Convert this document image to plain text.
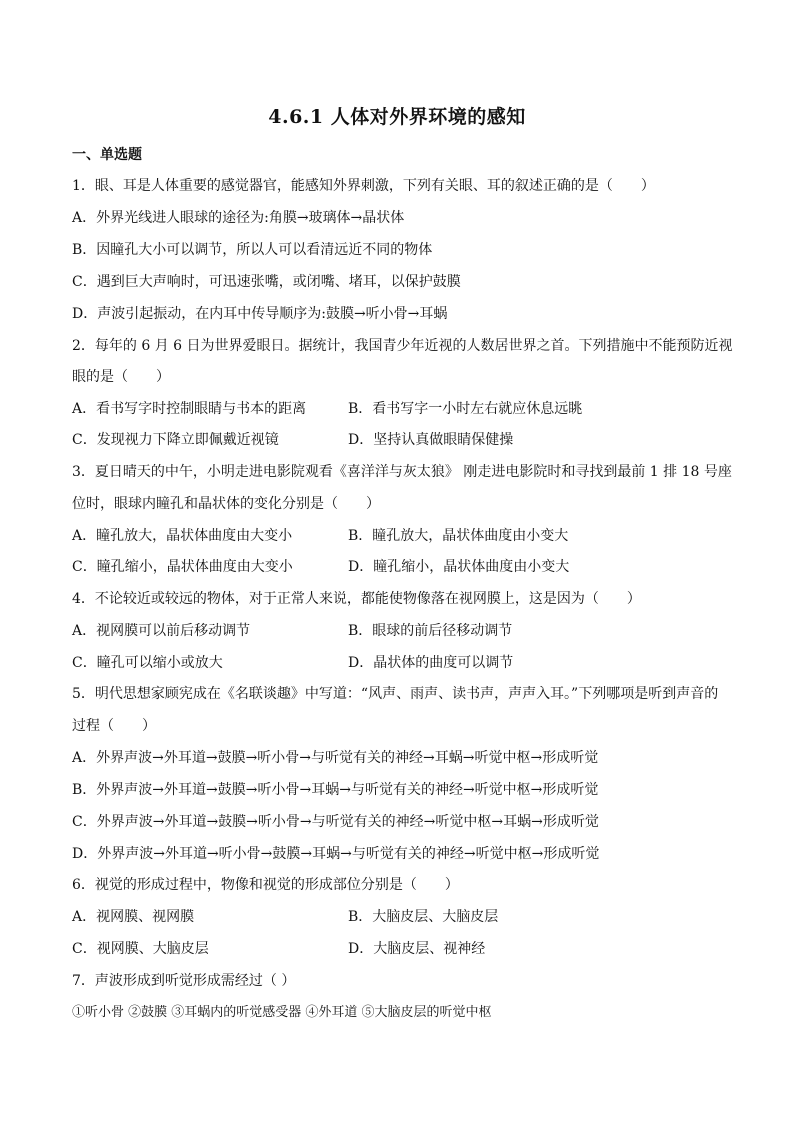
4.6.1 人体对外界环境的感知
一、单选题
1．眼、耳是人体重要的感觉器官，能感知外界刺激，下列有关眼、耳的叙述正确的是（　　）
A．外界光线进人眼球的途径为:角膜→玻璃体→晶状体
B．因瞳孔大小可以调节，所以人可以看清远近不同的物体
C．遇到巨大声响时，可迅速张嘴，或闭嘴、堵耳，以保护鼓膜
D．声波引起振动，在内耳中传导顺序为:鼓膜→听小骨→耳蜗
2．每年的 6 月 6 日为世界爱眼日。据统计，我国青少年近视的人数居世界之首。下列措施中不能预防近视
眼的是（　　）
A．看书写字时控制眼睛与书本的距离	B．看书写字一小时左右就应休息远眺
C．发现视力下降立即佩戴近视镜	D．坚持认真做眼睛保健操
3．夏日晴天的中午，小明走进电影院观看《喜洋洋与灰太狼》 刚走进电影院时和寻找到最前 1 排 18 号座
位时，眼球内瞳孔和晶状体的变化分别是（　　）
A．瞳孔放大，晶状体曲度由大变小	B．瞳孔放大，晶状体曲度由小变大
C．瞳孔缩小，晶状体曲度由大变小	D．瞳孔缩小，晶状体曲度由小变大
4．不论较近或较远的物体，对于正常人来说，都能使物像落在视网膜上，这是因为（　　）
A．视网膜可以前后移动调节	B．眼球的前后径移动调节
C．瞳孔可以缩小或放大	D．晶状体的曲度可以调节
5．明代思想家顾宪成在《名联谈趣》中写道：“风声、雨声、读书声，声声入耳。”下列哪项是听到声音的
过程（　　）
A．外界声波→外耳道→鼓膜→听小骨→与听觉有关的神经→耳蜗→听觉中枢→形成听觉
B．外界声波→外耳道→鼓膜→听小骨→耳蜗→与听觉有关的神经→听觉中枢→形成听觉
C．外界声波→外耳道→鼓膜→听小骨→与听觉有关的神经→听觉中枢→耳蜗→形成听觉
D．外界声波→外耳道→听小骨→鼓膜→耳蜗→与听觉有关的神经→听觉中枢→形成听觉
6．视觉的形成过程中，物像和视觉的形成部位分别是（　　）
A．视网膜、视网膜	B．大脑皮层、大脑皮层
C．视网膜、大脑皮层	D．大脑皮层、视神经
7．声波形成到听觉形成需经过（ ）
①听小骨 ②鼓膜 ③耳蜗内的听觉感受器 ④外耳道 ⑤大脑皮层的听觉中枢
